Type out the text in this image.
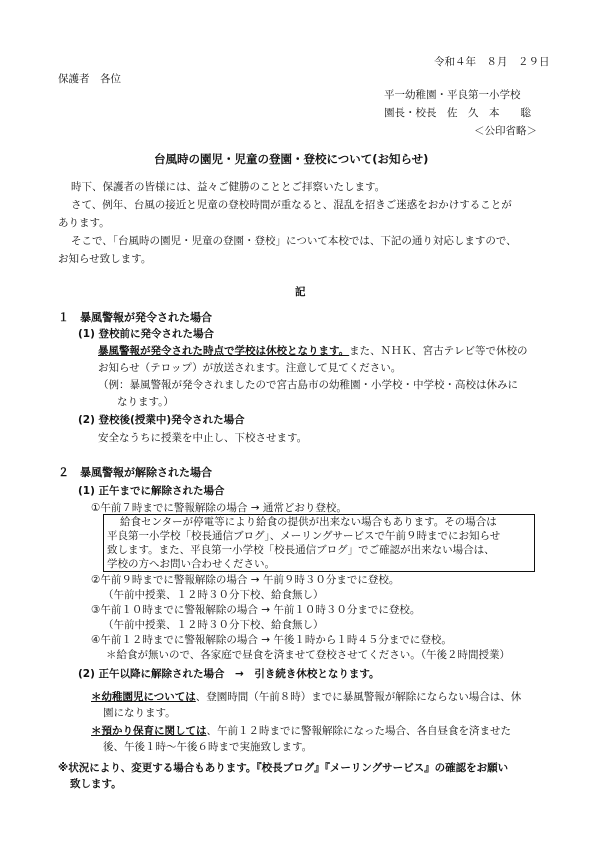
令和４年　８月　２９日
保護者　各位
平一幼稚園・平良第一小学校
園長・校長　佐　久　本　　聡
＜公印省略＞
台風時の園児・児童の登園・登校について(お知らせ)
時下、保護者の皆様には、益々ご健勝のこととご拝察いたします。
さて、例年、台風の接近と児童の登校時間が重なると、混乱を招きご迷惑をおかけすることが
あります。
そこで、「台風時の園児・児童の登園・登校」について本校では、下記の通り対応しますので、
お知らせ致します。
記
１　暴風警報が発令された場合
(1) 登校前に発令された場合
暴風警報が発令された時点で学校は休校となります。また、ＮＨＫ、宮古テレビ等で休校の
お知らせ（テロップ）が放送されます。注意して見てください。
（例：暴風警報が発令されましたので宮古島市の幼稚園・小学校・中学校・高校は休みに
なります。）
(2) 登校後(授業中)発令された場合
安全なうちに授業を中止し、下校させます。
２　暴風警報が解除された場合
(1) 正午までに解除された場合
①午前７時までに警報解除の場合 → 通常どおり登校。
給食センターが停電等により給食の提供が出来ない場合もあります。その場合は
平良第一小学校「校長通信ブログ」、メーリングサービスで午前９時までにお知らせ
致します。また、平良第一小学校「校長通信ブログ」でご確認が出来ない場合は、
学校の方へお問い合わせください。
②午前９時までに警報解除の場合 → 午前９時３０分までに登校。
（午前中授業、１２時３０分下校、給食無し）
③午前１０時までに警報解除の場合 → 午前１０時３０分までに登校。
（午前中授業、１２時３０分下校、給食無し）
④午前１２時までに警報解除の場合 → 午後１時から１時４５分までに登校。
＊給食が無いので、各家庭で昼食を済ませて登校させてください。（午後２時間授業）
(2) 正午以降に解除された場合　→　引き続き休校となります。
＊幼稚園児については、登園時間（午前８時）までに暴風警報が解除にならない場合は、休
園になります。
＊預かり保育に関しては、午前１２時までに警報解除になった場合、各自昼食を済ませた
後、午後１時～午後６時まで実施致します。
※状況により、変更する場合もあります。『校長ブログ』『メーリングサービス』の確認をお願い
致します。
